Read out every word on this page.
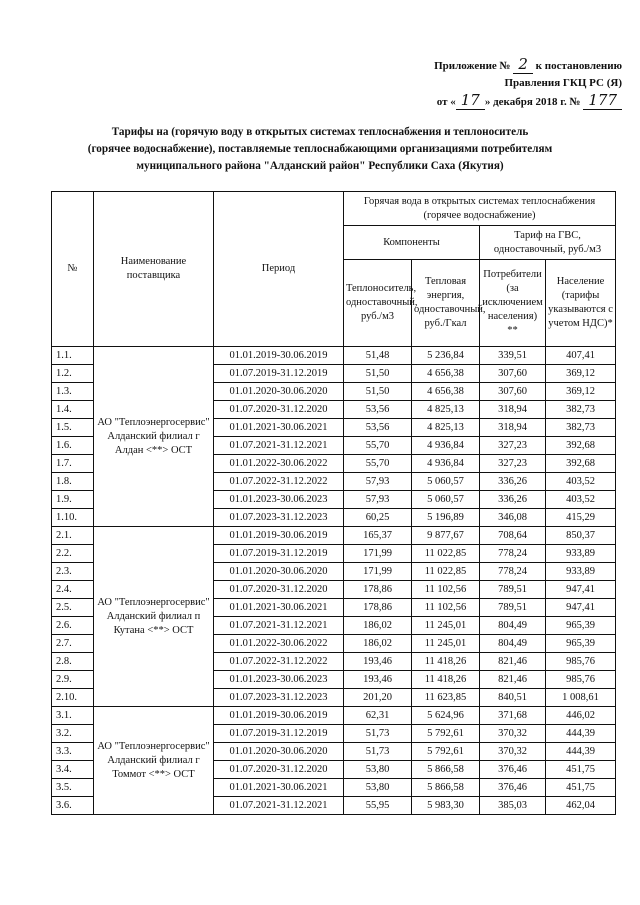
Приложение № 2 к постановлению
Правления ГКЦ РС (Я)
от « 17 » декабря 2018 г. № 177
Тарифы на (горячую воду в открытых системах теплоснабжения и теплоноситель
(горячее водоснабжение), поставляемые теплоснабжающими организациями потребителям
муниципального района "Алданский район" Республики Саха (Якутия)
№	Наименование поставщика	Период	Горячая вода в открытых системах теплоснабжения (горячее водоснабжение)			
			Компоненты		Тариф на ГВС, одноставочный, руб./м3	
			Теплоноситель, одноставочный, руб./м3	Тепловая энергия, одноставочный, руб./Гкал	Потребители (за исключением населения) **	Население (тарифы указываются с учетом НДС)*
1.1.	АО "Теплоэнергосервис" Алданский филиал г Алдан <**> ОСТ	01.01.2019-30.06.2019	51,48	5 236,84	339,51	407,41
1.2.		01.07.2019-31.12.2019	51,50	4 656,38	307,60	369,12
1.3.		01.01.2020-30.06.2020	51,50	4 656,38	307,60	369,12
1.4.		01.07.2020-31.12.2020	53,56	4 825,13	318,94	382,73
1.5.		01.01.2021-30.06.2021	53,56	4 825,13	318,94	382,73
1.6.		01.07.2021-31.12.2021	55,70	4 936,84	327,23	392,68
1.7.		01.01.2022-30.06.2022	55,70	4 936,84	327,23	392,68
1.8.		01.07.2022-31.12.2022	57,93	5 060,57	336,26	403,52
1.9.		01.01.2023-30.06.2023	57,93	5 060,57	336,26	403,52
1.10.		01.07.2023-31.12.2023	60,25	5 196,89	346,08	415,29
2.1.	АО "Теплоэнергосервис" Алданский филиал п Кутана <**> ОСТ	01.01.2019-30.06.2019	165,37	9 877,67	708,64	850,37
2.2.		01.07.2019-31.12.2019	171,99	11 022,85	778,24	933,89
2.3.		01.01.2020-30.06.2020	171,99	11 022,85	778,24	933,89
2.4.		01.07.2020-31.12.2020	178,86	11 102,56	789,51	947,41
2.5.		01.01.2021-30.06.2021	178,86	11 102,56	789,51	947,41
2.6.		01.07.2021-31.12.2021	186,02	11 245,01	804,49	965,39
2.7.		01.01.2022-30.06.2022	186,02	11 245,01	804,49	965,39
2.8.		01.07.2022-31.12.2022	193,46	11 418,26	821,46	985,76
2.9.		01.01.2023-30.06.2023	193,46	11 418,26	821,46	985,76
2.10.		01.07.2023-31.12.2023	201,20	11 623,85	840,51	1 008,61
3.1.	АО "Теплоэнергосервис" Алданский филиал г Томмот <**> ОСТ	01.01.2019-30.06.2019	62,31	5 624,96	371,68	446,02
3.2.		01.07.2019-31.12.2019	51,73	5 792,61	370,32	444,39
3.3.		01.01.2020-30.06.2020	51,73	5 792,61	370,32	444,39
3.4.		01.07.2020-31.12.2020	53,80	5 866,58	376,46	451,75
3.5.		01.01.2021-30.06.2021	53,80	5 866,58	376,46	451,75
3.6.		01.07.2021-31.12.2021	55,95	5 983,30	385,03	462,04
